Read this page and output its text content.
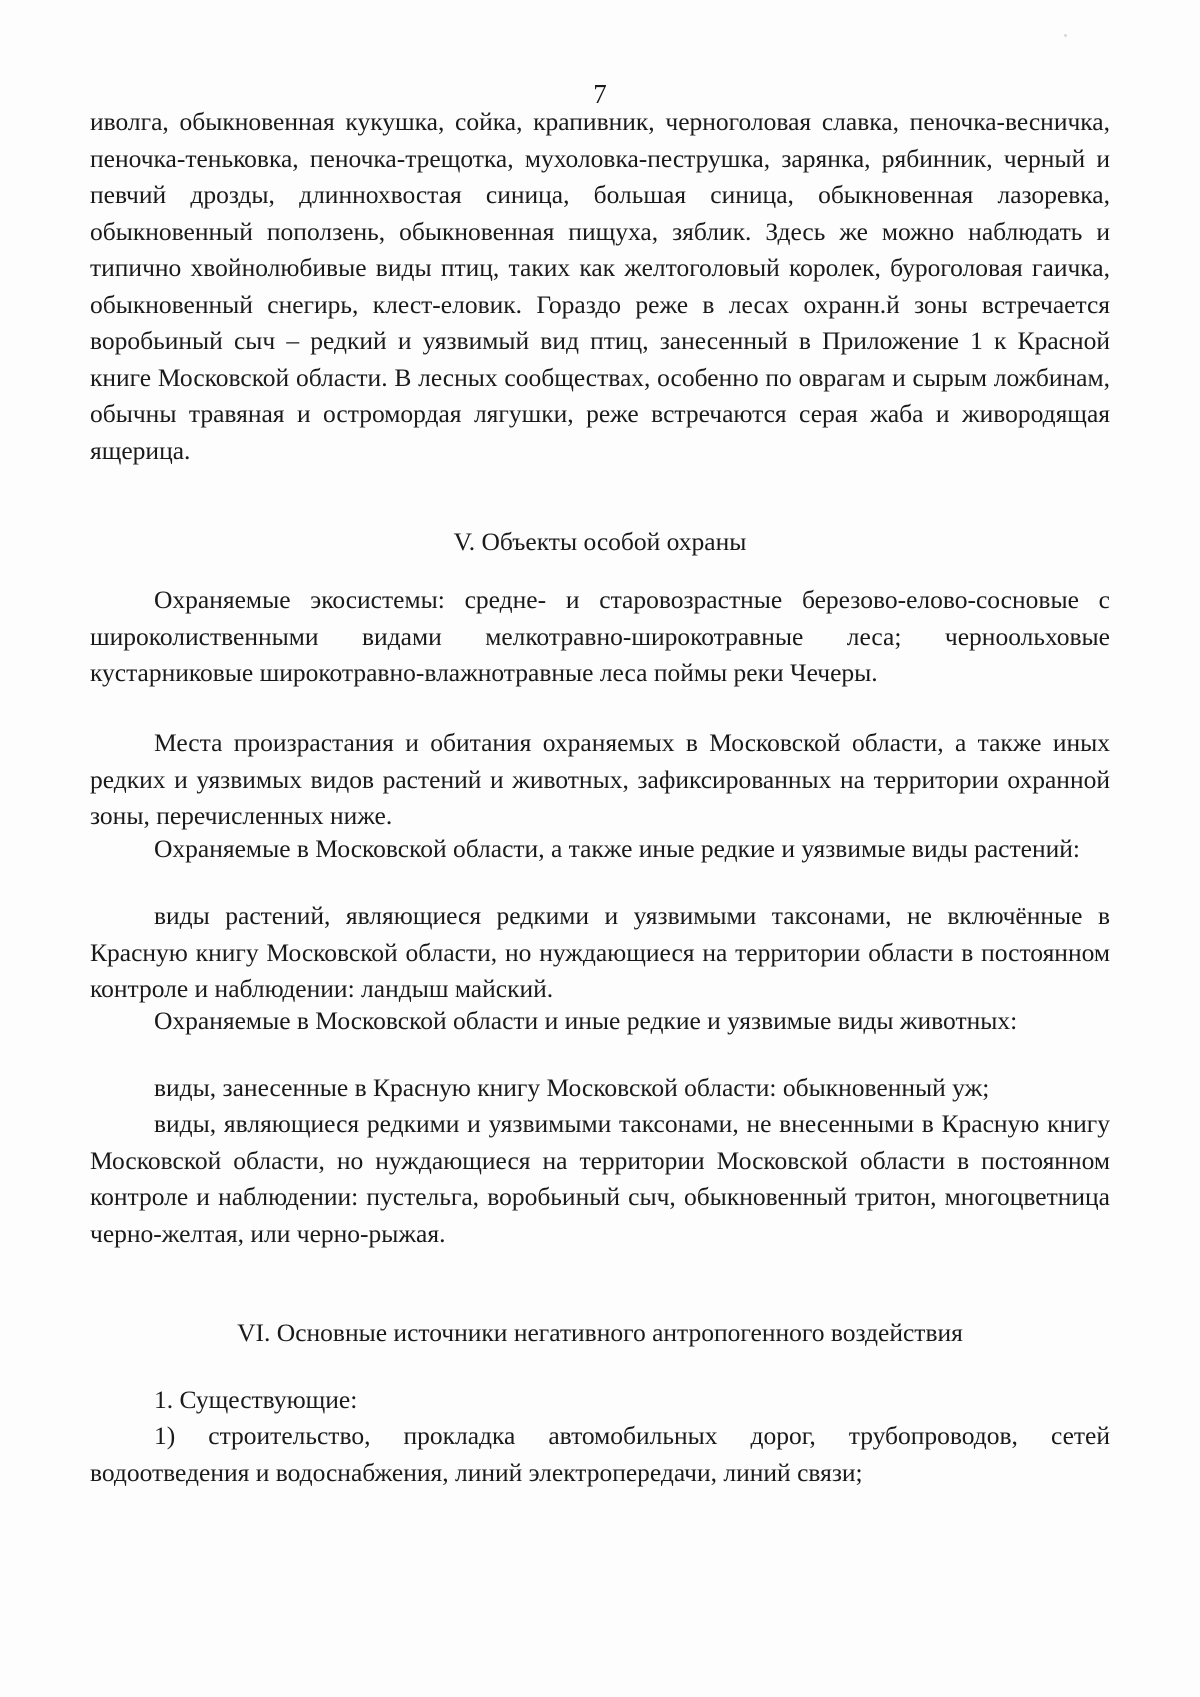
7

иволга, обыкновенная кукушка, сойка, крапивник, черноголовая славка, пеночка-весничка, пеночка-теньковка, пеночка-трещотка, мухоловка-пеструшка, зарянка, рябинник, черный и певчий дрозды, длиннохвостая синица, большая синица, обыкновенная лазоревка, обыкновенный поползень, обыкновенная пищуха, зяблик. Здесь же можно наблюдать и типично хвойнолюбивые виды птиц, таких как желтоголовый королек, буроголовая гаичка, обыкновенный снегирь, клест-еловик. Гораздо реже в лесах охранн.й зоны встречается воробьиный сыч – редкий и уязвимый вид птиц, занесенный в Приложение 1 к Красной книге Московской области. В лесных сообществах, особенно по оврагам и сырым ложбинам, обычны травяная и остромордая лягушки, реже встречаются серая жаба и живородящая ящерица.

V. Объекты особой охраны

Охраняемые экосистемы: средне- и старовозрастные березово-елово-сосновые с широколиственными видами мелкотравно-широкотравные леса; черноольховые кустарниковые широкотравно-влажнотравные леса поймы реки Чечеры.

Места произрастания и обитания охраняемых в Московской области, а также иных редких и уязвимых видов растений и животных, зафиксированных на территории охранной зоны, перечисленных ниже.

Охраняемые в Московской области, а также иные редкие и уязвимые виды растений:

виды растений, являющиеся редкими и уязвимыми таксонами, не включённые в Красную книгу Московской области, но нуждающиеся на территории области в постоянном контроле и наблюдении: ландыш майский.

Охраняемые в Московской области и иные редкие и уязвимые виды животных:

виды, занесенные в Красную книгу Московской области: обыкновенный уж;

виды, являющиеся редкими и уязвимыми таксонами, не внесенными в Красную книгу Московской области, но нуждающиеся на территории Московской области в постоянном контроле и наблюдении: пустельга, воробьиный сыч, обыкновенный тритон, многоцветница черно-желтая, или черно-рыжая.

VI. Основные источники негативного антропогенного воздействия

1. Существующие:

1) строительство, прокладка автомобильных дорог, трубопроводов, сетей водоотведения и водоснабжения, линий электропередачи, линий связи;
